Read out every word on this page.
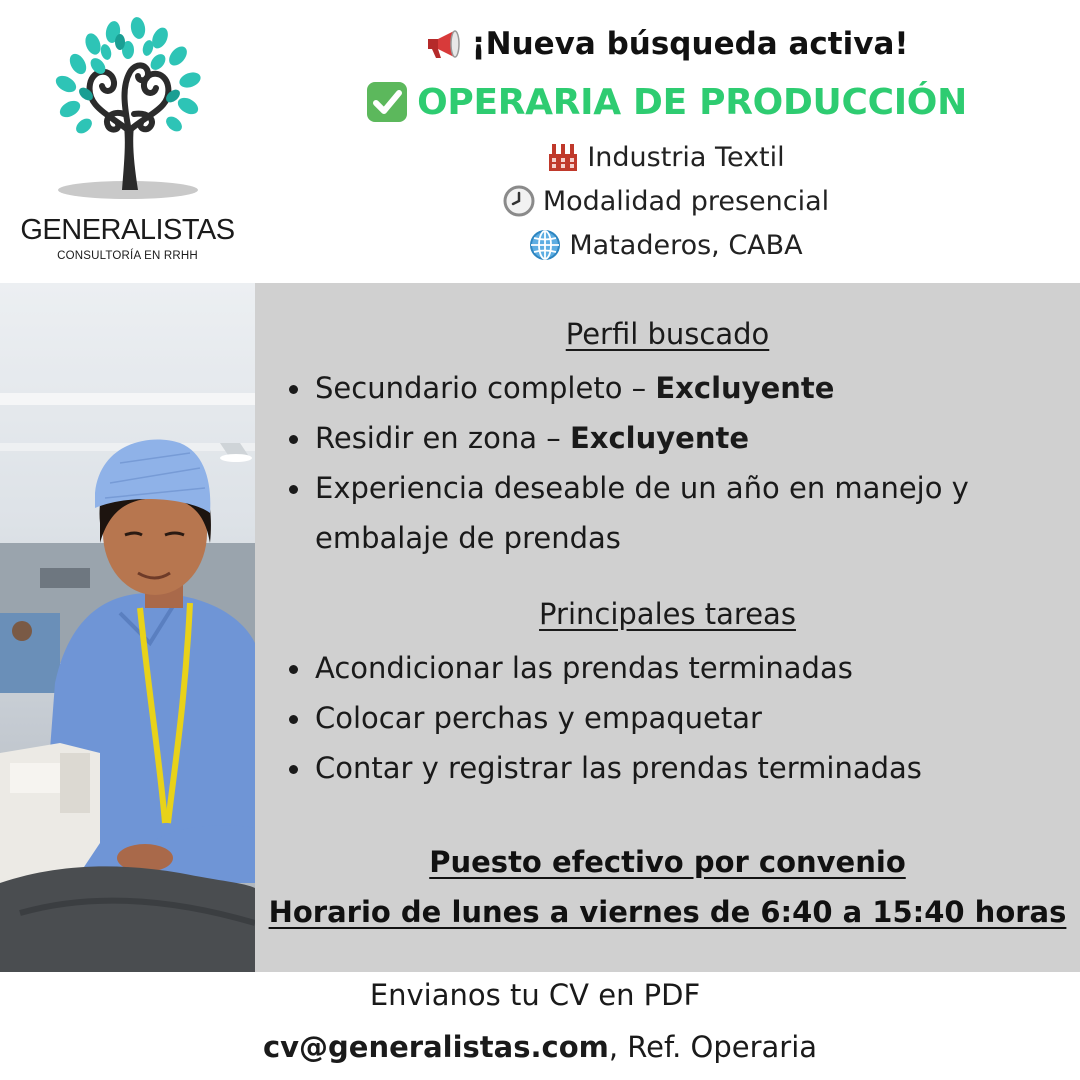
GENERALISTAS
CONSULTORÍA EN RRHH
¡Nueva búsqueda activa!
OPERARIA DE PRODUCCIÓN
Industria Textil
Modalidad presencial
Mataderos, CABA
Perfil buscado
Secundario completo – Excluyente
Residir en zona – Excluyente
Experiencia deseable de un año en manejo y embalaje de prendas
Principales tareas
Acondicionar las prendas terminadas
Colocar perchas y empaquetar
Contar y registrar las prendas terminadas
Puesto efectivo por convenio
Horario de lunes a viernes de 6:40 a 15:40 horas
Envianos tu CV en PDF
cv@generalistas.com, Ref. Operaria
